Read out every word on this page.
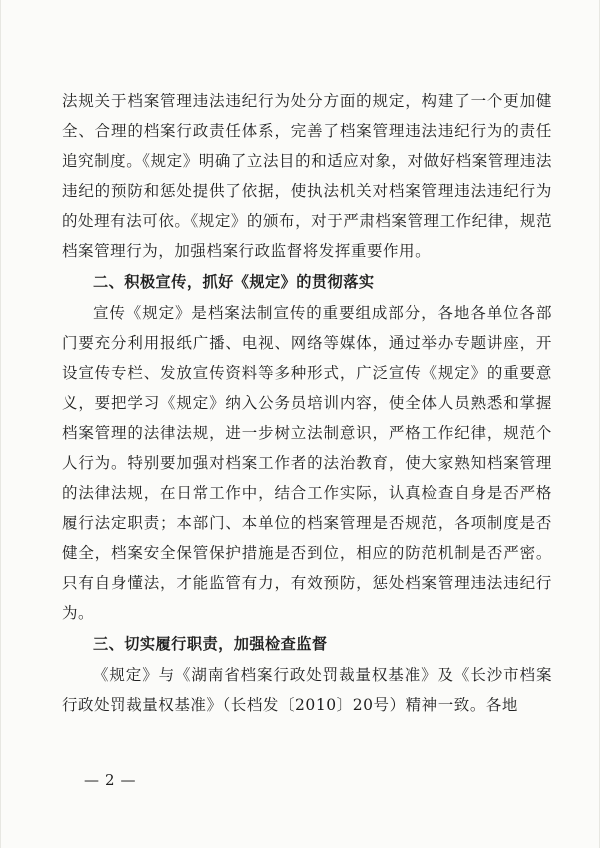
法规关于档案管理违法违纪行为处分方面的规定，构建了一个更加健全、合理的档案行政责任体系，完善了档案管理违法违纪行为的责任追究制度。《规定》明确了立法目的和适应对象，对做好档案管理违法违纪的预防和惩处提供了依据，使执法机关对档案管理违法违纪行为的处理有法可依。《规定》的颁布，对于严肃档案管理工作纪律，规范档案管理行为，加强档案行政监督将发挥重要作用。

二、积极宣传，抓好《规定》的贯彻落实

宣传《规定》是档案法制宣传的重要组成部分，各地各单位各部门要充分利用报纸广播、电视、网络等媒体，通过举办专题讲座，开设宣传专栏、发放宣传资料等多种形式，广泛宣传《规定》的重要意义，要把学习《规定》纳入公务员培训内容，使全体人员熟悉和掌握档案管理的法律法规，进一步树立法制意识，严格工作纪律，规范个人行为。特别要加强对档案工作者的法治教育，使大家熟知档案管理的法律法规，在日常工作中，结合工作实际，认真检查自身是否严格履行法定职责；本部门、本单位的档案管理是否规范，各项制度是否健全，档案安全保管保护措施是否到位，相应的防范机制是否严密。只有自身懂法，才能监管有力，有效预防，惩处档案管理违法违纪行为。

三、切实履行职责，加强检查监督

《规定》与《湖南省档案行政处罚裁量权基准》及《长沙市档案行政处罚裁量权基准》（长档发〔2010〕20号）精神一致。各地

— 2 —
